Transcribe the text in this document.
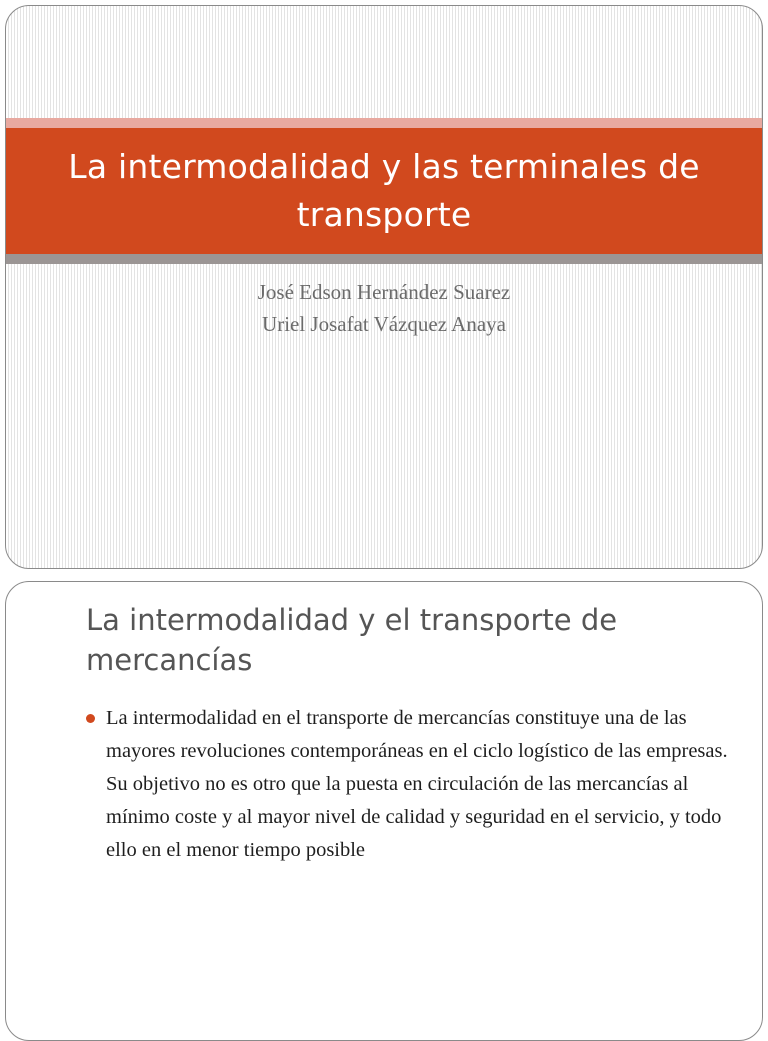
La intermodalidad y las terminales de transporte
José Edson Hernández Suarez
Uriel Josafat Vázquez Anaya
La intermodalidad y el transporte de mercancías
La intermodalidad en el transporte de mercancías constituye una de las mayores revoluciones contemporáneas en el ciclo logístico de las empresas. Su objetivo no es otro que la puesta en circulación de las mercancías al mínimo coste y al mayor nivel de calidad y seguridad en el servicio, y todo ello en el menor tiempo posible
